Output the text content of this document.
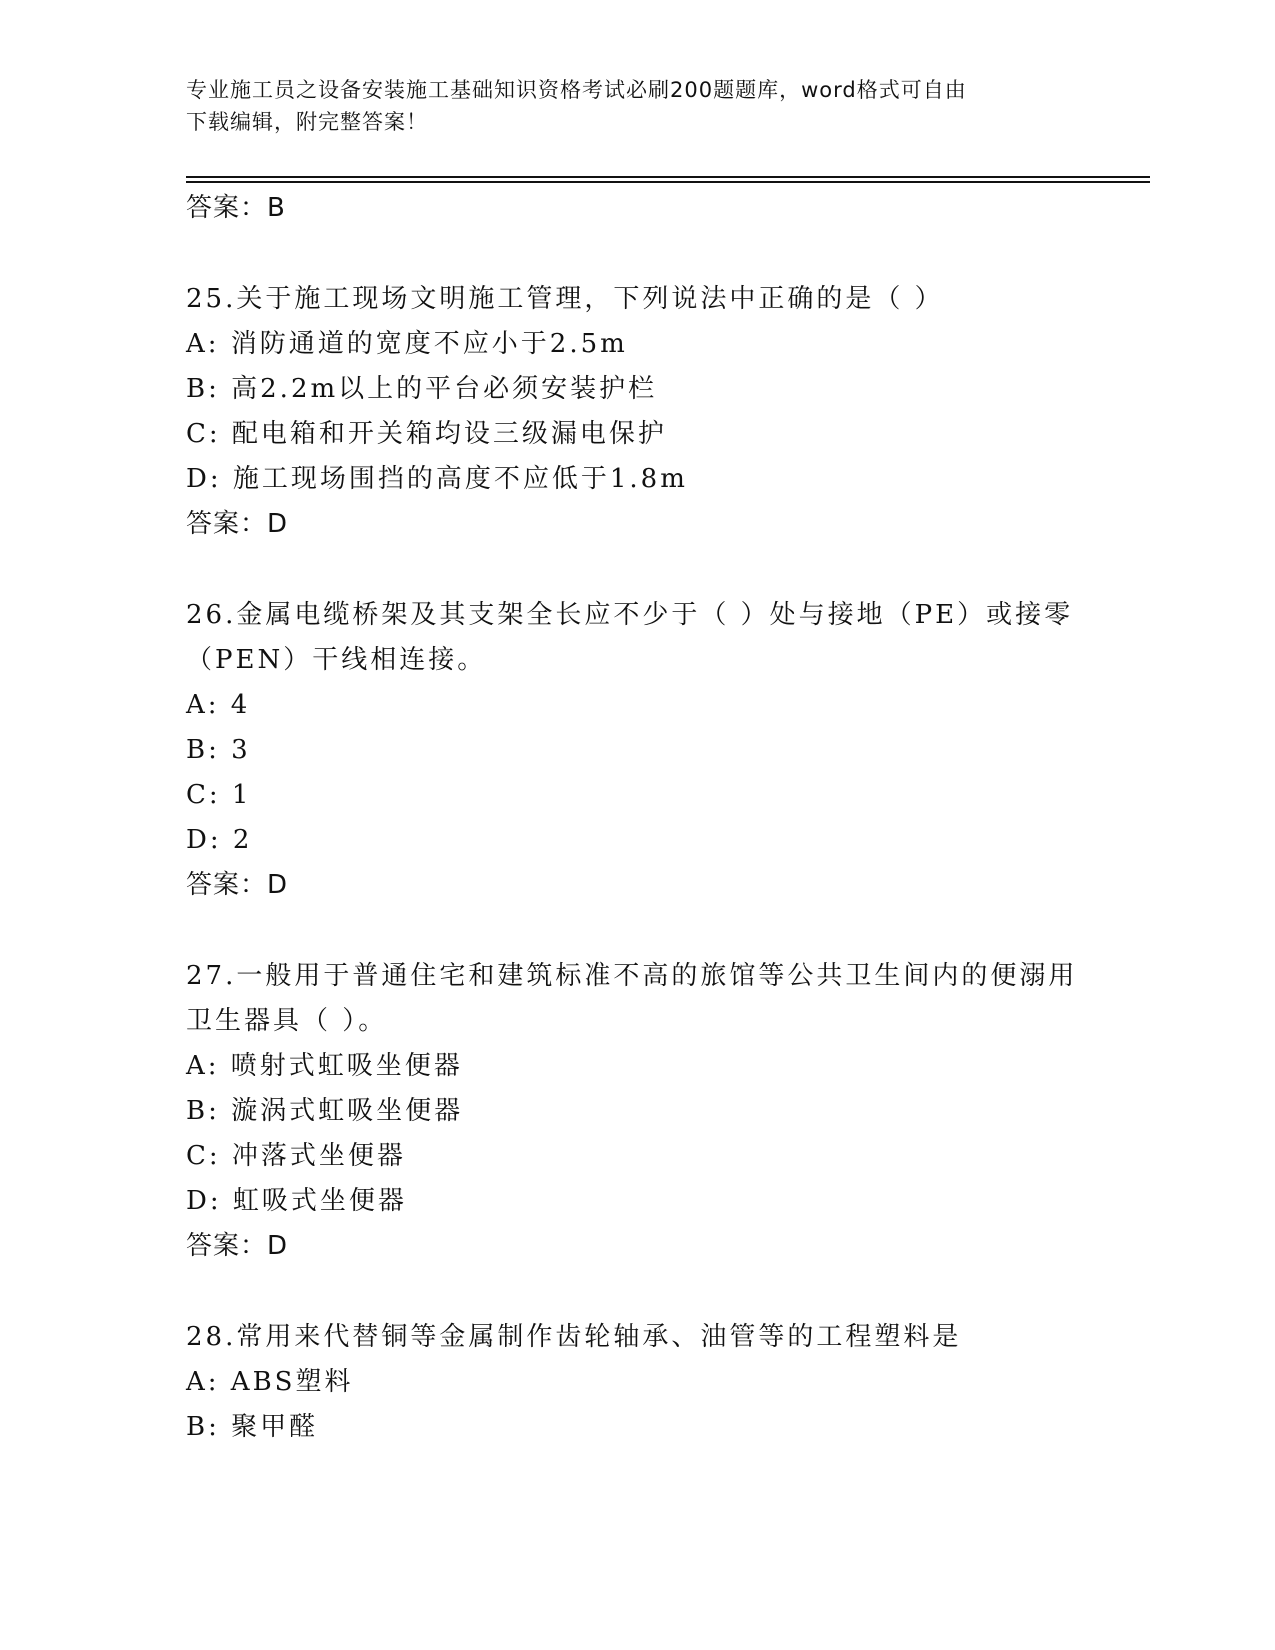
专业施工员之设备安装施工基础知识资格考试必刷200题题库，word格式可自由
下载编辑，附完整答案！
答案：B
25.关于施工现场文明施工管理，下列说法中正确的是（ ）
A: 消防通道的宽度不应小于2.5m
B: 高2.2m以上的平台必须安装护栏
C: 配电箱和开关箱均设三级漏电保护
D: 施工现场围挡的高度不应低于1.8m
答案：D
26.金属电缆桥架及其支架全长应不少于（ ）处与接地（PE）或接零
（PEN）干线相连接。
A: 4
B: 3
C: 1
D: 2
答案：D
27.一般用于普通住宅和建筑标准不高的旅馆等公共卫生间内的便溺用
卫生器具（ ）。
A: 喷射式虹吸坐便器
B: 漩涡式虹吸坐便器
C: 冲落式坐便器
D: 虹吸式坐便器
答案：D
28.常用来代替铜等金属制作齿轮轴承、油管等的工程塑料是
A: ABS塑料
B: 聚甲醛
